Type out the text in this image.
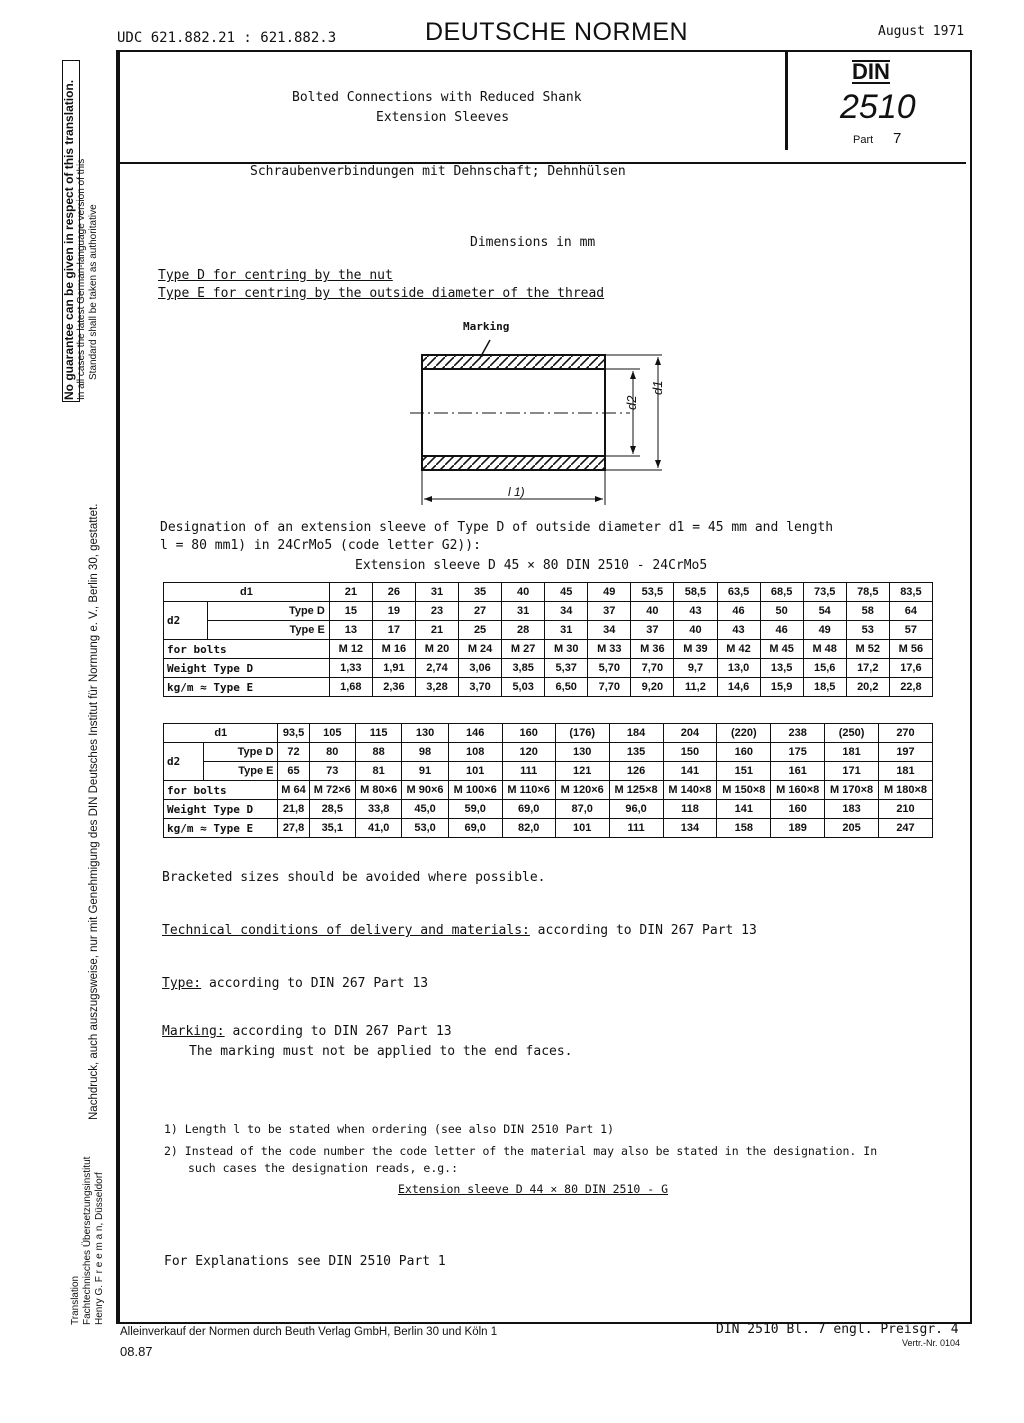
UDC 621.882.21 : 621.882.3	DEUTSCHE NORMEN	August 1971
Bolted Connections with Reduced Shank
Extension Sleeves
DIN
2510
Part 7
Schraubenverbindungen mit Dehnschaft; Dehnhülsen
No guarantee can be given in respect of this translation. In all cases the latest German-language version of this Standard shall be taken as authoritative
Nachdruck, auch auszugsweise, nur mit Genehmigung des DIN Deutsches Institut für Normung e. V., Berlin 30, gestattet.
Translation Fachtechnisches Übersetzungsinstitut Henry G. F r e e m a n, Düsseldorf
Dimensions in mm
Type D for centring by the nut
Type E for centring by the outside diameter of the thread
Marking
d2
d1
l 1)
Designation of an extension sleeve of Type D of outside diameter d1 = 45 mm and length
l = 80 mm1) in 24CrMo5 (code letter G2)):
Extension sleeve D 45 × 80 DIN 2510 - 24CrMo5
d1		21	26	31	35	40	45	49	53,5	58,5	63,5	68,5	73,5	78,5	83,5
d2	Type D	15	19	23	27	31	34	37	40	43	46	50	54	58	64
	Type E	13	17	21	25	28	31	34	37	40	43	46	49	53	57
for bolts		M 12	M 16	M 20	M 24	M 27	M 30	M 33	M 36	M 39	M 42	M 45	M 48	M 52	M 56
Weight Type D		1,33	1,91	2,74	3,06	3,85	5,37	5,70	7,70	9,7	13,0	13,5	15,6	17,2	17,6
kg/m ≈ Type E		1,68	2,36	3,28	3,70	5,03	6,50	7,70	9,20	11,2	14,6	15,9	18,5	20,2	22,8
d1		93,5	105	115	130	146	160	(176)	184	204	(220)	238	(250)	270
d2	Type D	72	80	88	98	108	120	130	135	150	160	175	181	197
	Type E	65	73	81	91	101	111	121	126	141	151	161	171	181
for bolts		M 64	M 72×6	M 80×6	M 90×6	M 100×6	M 110×6	M 120×6	M 125×8	M 140×8	M 150×8	M 160×8	M 170×8	M 180×8
Weight Type D		21,8	28,5	33,8	45,0	59,0	69,0	87,0	96,0	118	141	160	183	210
kg/m ≈ Type E		27,8	35,1	41,0	53,0	69,0	82,0	101	111	134	158	189	205	247
Bracketed sizes should be avoided where possible.
Technical conditions of delivery and materials: according to DIN 267 Part 13
Type: according to DIN 267 Part 13
Marking: according to DIN 267 Part 13
The marking must not be applied to the end faces.
1) Length l to be stated when ordering (see also DIN 2510 Part 1)
2) Instead of the code number the code letter of the material may also be stated in the designation. In
such cases the designation reads, e.g.:
Extension sleeve D 44 × 80 DIN 2510 - G
For Explanations see DIN 2510 Part 1
Alleinverkauf der Normen durch Beuth Verlag GmbH, Berlin 30 und Köln 1	DIN 2510 Bl. 7 engl. Preisgr. 4
Vertr.-Nr. 0104
08.87
